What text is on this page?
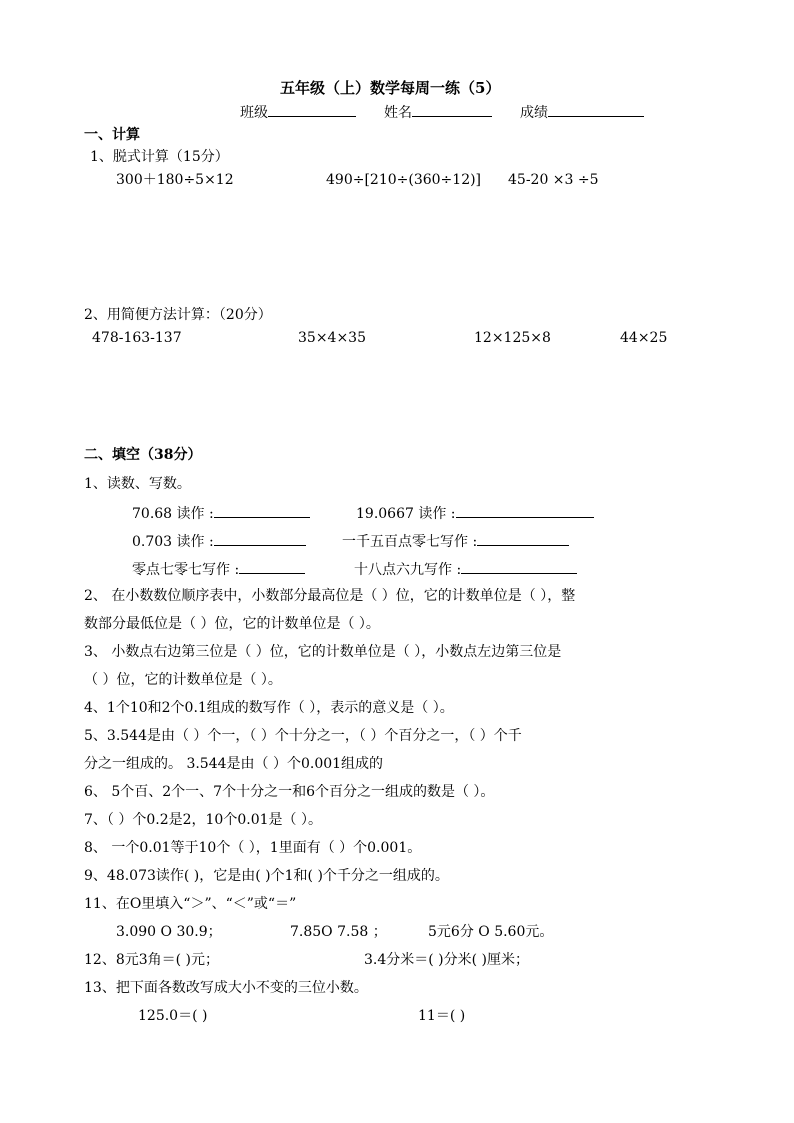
五年级（上）数学每周一练（5）
班级	姓名	成绩
一、计算
1、脱式计算（15分）
300＋180÷5×12	490÷[210÷(360÷12)] 45-20 ×3 ÷5
2、用简便方法计算：（20分）
478-163-137	35×4×35	12×125×8	44×25
二、填空（38分）
1、读数、写数。
70.68 读作 :	19.0667 读作 :
0.703 读作 :	一千五百点零七写作 :
零点七零七写作 :	十八点六九写作 :
2、 在小数数位顺序表中，小数部分最高位是（ ）位，它的计数单位是（ ），整
数部分最低位是（ ）位，它的计数单位是（ ）。
3、 小数点右边第三位是（ ）位，它的计数单位是（ ），小数点左边第三位是
（ ）位，它的计数单位是（ ）。
4、1个10和2个0.1组成的数写作（ ），表示的意义是（ ）。
5、3.544是由（ ）个一，（ ）个十分之一，（ ）个百分之一，（ ）个千
分之一组成的。 3.544是由（ ）个0.001组成的
6、 5个百、2个一、7个十分之一和6个百分之一组成的数是（ ）。
7、（ ）个0.2是2，10个0.01是（ ）。
8、 一个0.01等于10个（ ），1里面有（ ）个0.001。
9、48.073读作( )，它是由( )个1和( )个千分之一组成的。
11、在O里填入“＞”、“＜”或“＝”
3.090 O 30.9；	7.85O 7.58 ；	5元6分 O 5.60元。
12、8元3角＝( )元；	3.4分米＝( )分米( )厘米；
13、把下面各数改写成大小不变的三位小数。
125.0＝( )	11＝( )
